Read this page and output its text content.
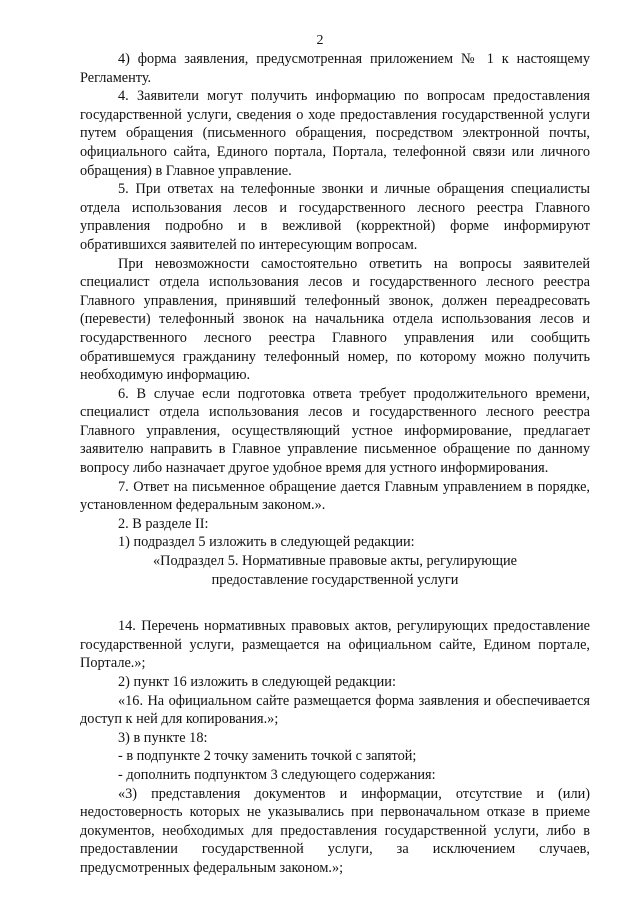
2

4) форма заявления, предусмотренная приложением № 1 к настоящему Регламенту.

4. Заявители могут получить информацию по вопросам предоставления государственной услуги, сведения о ходе предоставления государственной услуги путем обращения (письменного обращения, посредством электронной почты, официального сайта, Единого портала, Портала, телефонной связи или личного обращения) в Главное управление.

5. При ответах на телефонные звонки и личные обращения специалисты отдела использования лесов и государственного лесного реестра Главного управления подробно и в вежливой (корректной) форме информируют обратившихся заявителей по интересующим вопросам.

При невозможности самостоятельно ответить на вопросы заявителей специалист отдела использования лесов и государственного лесного реестра Главного управления, принявший телефонный звонок, должен переадресовать (перевести) телефонный звонок на начальника отдела использования лесов и государственного лесного реестра Главного управления или сообщить обратившемуся гражданину телефонный номер, по которому можно получить необходимую информацию.

6. В случае если подготовка ответа требует продолжительного времени, специалист отдела использования лесов и государственного лесного реестра Главного управления, осуществляющий устное информирование, предлагает заявителю направить в Главное управление письменное обращение по данному вопросу либо назначает другое удобное время для устного информирования.

7. Ответ на письменное обращение дается Главным управлением в порядке, установленном федеральным законом.».

2. В разделе II:

1) подраздел 5 изложить в следующей редакции:

«Подраздел 5. Нормативные правовые акты, регулирующие

предоставление государственной услуги

14. Перечень нормативных правовых актов, регулирующих предоставление государственной услуги, размещается на официальном сайте, Едином портале, Портале.»;

2) пункт 16 изложить в следующей редакции:

«16. На официальном сайте размещается форма заявления и обеспечивается доступ к ней для копирования.»;

3) в пункте 18:

- в подпункте 2 точку заменить точкой с запятой;

- дополнить подпунктом 3 следующего содержания:

«3) представления документов и информации, отсутствие и (или) недостоверность которых не указывались при первоначальном отказе в приеме документов, необходимых для предоставления государственной услуги, либо в предоставлении государственной услуги, за исключением случаев, предусмотренных федеральным законом.»;
